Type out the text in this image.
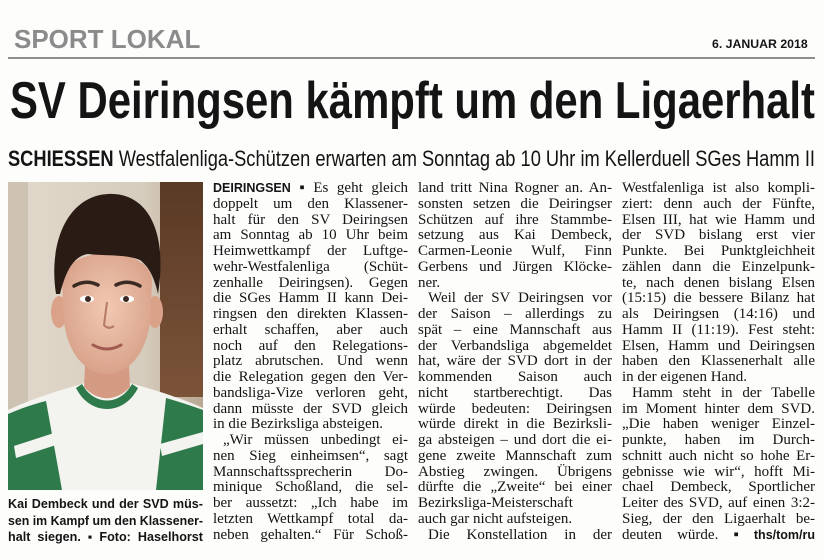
SPORT LOKAL	6. JANUAR 2018
SV Deiringsen kämpft um den Ligaerhalt
SCHIESSEN Westfalenliga-Schützen erwarten am Sonntag ab 10 Uhr im Kellerduell SGes Hamm II
Kai Dembeck und der SVD müs-
sen im Kampf um den Klassener-
halt siegen. ▪ Foto: Haselhorst
DEIRINGSEN ▪ Es geht gleich
doppelt um den Klassener-
halt für den SV Deiringsen
am Sonntag ab 10 Uhr beim
Heimwettkampf der Luftge-
wehr-Westfalenliga (Schüt-
zenhalle Deiringsen). Gegen
die SGes Hamm II kann Dei-
ringsen den direkten Klassen-
erhalt schaffen, aber auch
noch auf den Relegations-
platz abrutschen. Und wenn
die Relegation gegen den Ver-
bandsliga-Vize verloren geht,
dann müsste der SVD gleich
in die Bezirksliga absteigen.
„Wir müssen unbedingt ei-
nen Sieg einheimsen“, sagt
Mannschaftssprecherin Do-
minique Schoßland, die sel-
ber aussetzt: „Ich habe im
letzten Wettkampf total da-
neben gehalten.“ Für Schoß-
land tritt Nina Rogner an. An-
sonsten setzen die Deiringser
Schützen auf ihre Stammbe-
setzung aus Kai Dembeck,
Carmen-Leonie Wulf, Finn
Gerbens und Jürgen Klöcke-
ner.
Weil der SV Deiringsen vor
der Saison – allerdings zu
spät – eine Mannschaft aus
der Verbandsliga abgemeldet
hat, wäre der SVD dort in der
kommenden Saison auch
nicht startberechtigt. Das
würde bedeuten: Deiringsen
würde direkt in die Bezirksli-
ga absteigen – und dort die ei-
gene zweite Mannschaft zum
Abstieg zwingen. Übrigens
dürfte die „Zweite“ bei einer
Bezirksliga-Meisterschaft
auch gar nicht aufsteigen.
Die Konstellation in der
Westfalenliga ist also kompli-
ziert: denn auch der Fünfte,
Elsen III, hat wie Hamm und
der SVD bislang erst vier
Punkte. Bei Punktgleichheit
zählen dann die Einzelpunk-
te, nach denen bislang Elsen
(15:15) die bessere Bilanz hat
als Deiringsen (14:16) und
Hamm II (11:19). Fest steht:
Elsen, Hamm und Deiringsen
haben den Klassenerhalt alle
in der eigenen Hand.
Hamm steht in der Tabelle
im Moment hinter dem SVD.
„Die haben weniger Einzel-
punkte, haben im Durch-
schnitt auch nicht so hohe Er-
gebnisse wie wir“, hofft Mi-
chael Dembeck, Sportlicher
Leiter des SVD, auf einen 3:2-
Sieg, der den Ligaerhalt be-
deuten würde. ▪ ths/tom/ru
